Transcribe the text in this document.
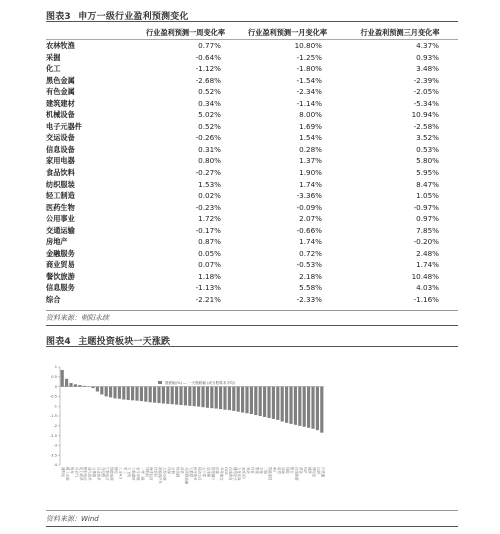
图表3 申万一级行业盈利预测变化
	行业盈利预测一周变化率	行业盈利预测一月变化率	行业盈利预测三月变化率
农林牧渔	0.77%	10.80%	4.37%
采掘	-0.64%	-1.25%	0.93%
化工	-1.12%	-1.80%	3.48%
黑色金属	-2.68%	-1.54%	-2.39%
有色金属	0.52%	-2.34%	-2.05%
建筑建材	0.34%	-1.14%	-5.34%
机械设备	5.02%	8.00%	10.94%
电子元器件	0.52%	1.69%	-2.58%
交运设备	-0.26%	1.54%	3.52%
信息设备	0.31%	0.28%	0.53%
家用电器	0.80%	1.37%	5.80%
食品饮料	-0.27%	1.90%	5.95%
纺织服装	1.53%	1.74%	8.47%
轻工制造	0.02%	-3.36%	1.05%
医药生物	-0.23%	-0.09%	-0.97%
公用事业	1.72%	2.07%	0.97%
交通运输	-0.17%	-0.66%	7.85%
房地产	0.87%	1.74%	-0.20%
金融服务	0.05%	0.72%	2.48%
商业贸易	0.07%	-0.53%	1.74%
餐饮旅游	1.18%	2.18%	10.48%
信息服务	-1.13%	5.58%	4.03%
综合	-2.21%	-2.33%	-1.16%
资料来源：朝阳永续
图表4 主题投资板块一天涨跌
1
0.5
0
-0.5
-1
-1.5
-2
-2.5
-3
-3.5
-4
迪斯尼 稀土永磁 航母 页岩气 电力改革 燃料电池 油气改革 石墨烯 国企改革 充电桩 生物疫苗 智能电网 核电 工业4.0 军工 大飞机 土地流转 北斗导航 一带一路 特斯拉 海洋经济 自贸区 新能源汽车 上海本地 环保 水利 物联网 高铁 互联网金融 大数据 医疗改革 移动支付 云计算 京津冀 智慧城市 传媒 苹果概念 O2O 在线教育 网络安全 文化传媒 3D打印 养老 体育 婴童 手游 二胎 智能家居 4G 创投 券商 保险 银行 在线旅游 黄金 P2P 期货 锂电池 白酒 沪港通
涨跌幅(%) — 一天涨跌幅 (成分股算术平均)
资料来源：Wind
